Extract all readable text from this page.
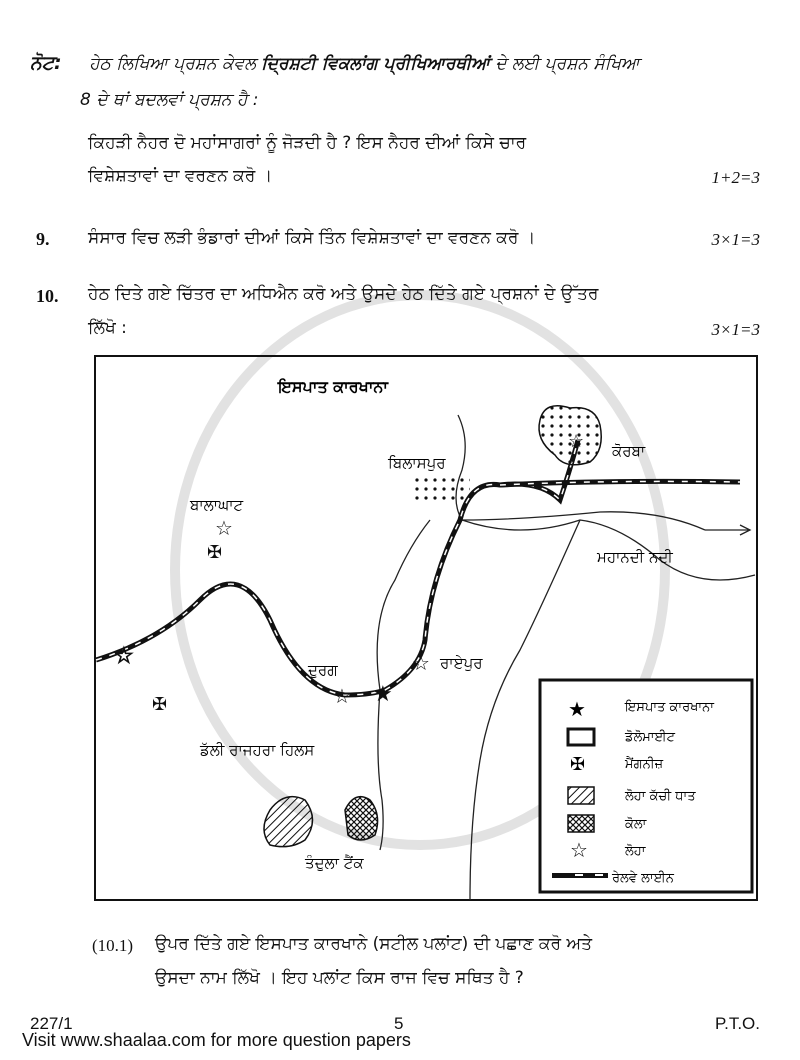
ਨੋਟ: ਹੇਠ ਲਿਖਿਆ ਪ੍ਰਸ਼ਨ ਕੇਵਲ ਦ੍ਰਿਸ਼ਟੀ ਵਿਕਲਾਂਗ ਪ੍ਰੀਖਿਆਰਥੀਆਂ ਦੇ ਲਈ ਪ੍ਰਸ਼ਨ ਸੰਖਿਆ
8 ਦੇ ਥਾਂ ਬਦਲਵਾਂ ਪ੍ਰਸ਼ਨ ਹੈ :
ਕਿਹੜੀ ਨੈਹਰ ਦੋ ਮਹਾਂਸਾਗਰਾਂ ਨੂੰ ਜੋੜਦੀ ਹੈ ? ਇਸ ਨੈਹਰ ਦੀਆਂ ਕਿਸੇ ਚਾਰ
ਵਿਸ਼ੇਸ਼ਤਾਵਾਂ ਦਾ ਵਰਣਨ ਕਰੋ ।	1+2=3
9. ਸੰਸਾਰ ਵਿਚ ਲੜੀ ਭੰਡਾਰਾਂ ਦੀਆਂ ਕਿਸੇ ਤਿੰਨ ਵਿਸ਼ੇਸ਼ਤਾਵਾਂ ਦਾ ਵਰਣਨ ਕਰੋ ।	3×1=3
10. ਹੇਠ ਦਿਤੇ ਗਏ ਚਿੱਤਰ ਦਾ ਅਧਿਐਨ ਕਰੋ ਅਤੇ ਉਸਦੇ ਹੇਠ ਦਿੱਤੇ ਗਏ ਪ੍ਰਸ਼ਨਾਂ ਦੇ ਉੱਤਰ
ਲਿੱਖੋ :	3×1=3
☆
☆
✠
✠	☆ ★
☆
☆
ਇਸਪਾਤ ਕਾਰਖਾਨਾ
ਬਿਲਾਸਪੁਰ
ਕੋਰਬਾ
ਬਾਲਾਘਾਟ
ਮਹਾਨਦੀ ਨਦੀ
ਦੁਰਗ	ਰਾਏਪੁਰ
ਡੱਲੀ ਰਾਜਹਰਾ ਹਿਲਸ
ਤੰਦੁਲਾ ਟੈਂਕ
★
✠
☆
ਇਸਪਾਤ ਕਾਰਖਾਨਾ
ਡੋਲੋਮਾਈਟ
ਮੈਂਗਨੀਜ਼
ਲੋਹਾ ਕੱਚੀ ਧਾਤ
ਕੋਲਾ
ਲੋਹਾ
ਰੇਲਵੇ ਲਾਈਨ
(10.1) ਉਪਰ ਦਿੱਤੇ ਗਏ ਇਸਪਾਤ ਕਾਰਖਾਨੇ (ਸਟੀਲ ਪਲਾਂਟ) ਦੀ ਪਛਾਣ ਕਰੋ ਅਤੇ
ਉਸਦਾ ਨਾਮ ਲਿੱਖੋ । ਇਹ ਪਲਾਂਟ ਕਿਸ ਰਾਜ ਵਿਚ ਸਥਿਤ ਹੈ ?
227/1	5	P.T.O.
Visit www.shaalaa.com for more question papers
